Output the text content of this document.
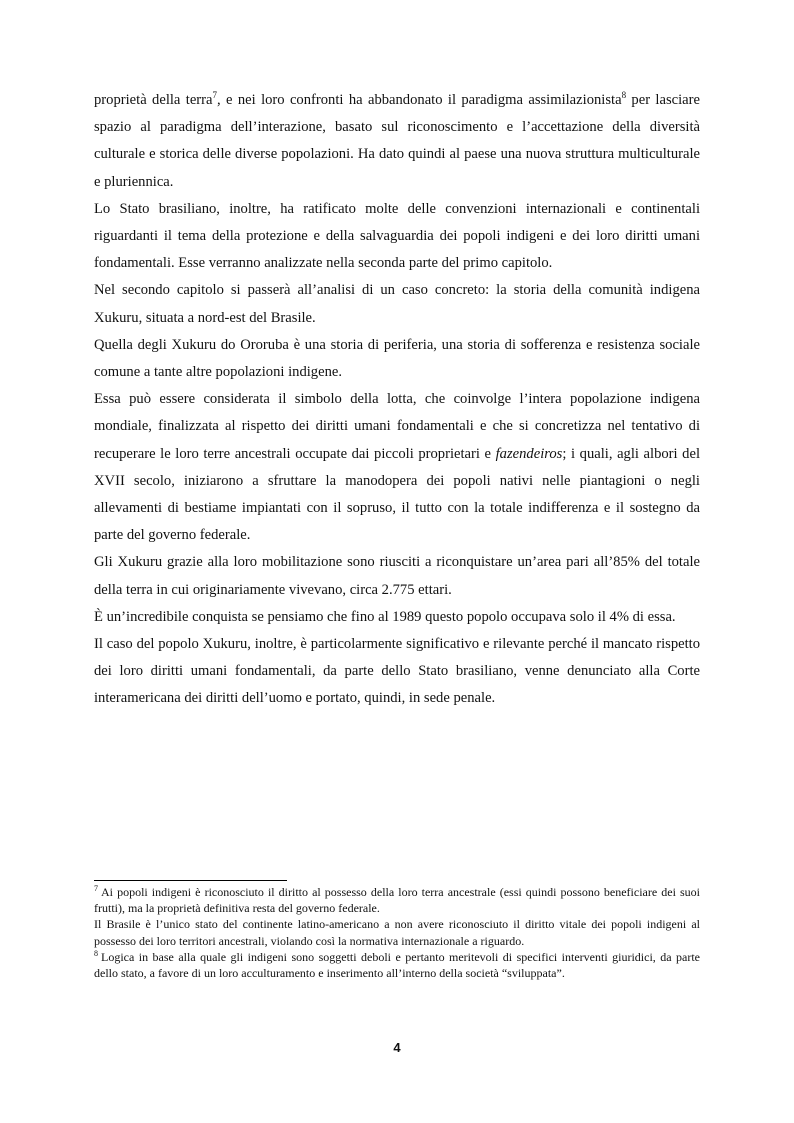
proprietà della terra$^7$, e nei loro confronti ha abbandonato il paradigma assimilazionista$^8$ per lasciare spazio al paradigma dell’interazione, basato sul riconoscimento e l’accettazione della diversità culturale e storica delle diverse popolazioni. Ha dato quindi al paese una nuova struttura multiculturale e pluriennica.

Lo Stato brasiliano, inoltre, ha ratificato molte delle convenzioni internazionali e continentali riguardanti il tema della protezione e della salvaguardia dei popoli indigeni e dei loro diritti umani fondamentali. Esse verranno analizzate nella seconda parte del primo capitolo.

Nel secondo capitolo si passerà all’analisi di un caso concreto: la storia della comunità indigena Xukuru, situata a nord-est del Brasile.

Quella degli Xukuru do Ororuba è una storia di periferia, una storia di sofferenza e resistenza sociale comune a tante altre popolazioni indigene.

Essa può essere considerata il simbolo della lotta, che coinvolge l’intera popolazione indigena mondiale, finalizzata al rispetto dei diritti umani fondamentali e che si concretizza nel tentativo di recuperare le loro terre ancestrali occupate dai piccoli proprietari e fazendeiros; i quali, agli albori del XVII secolo, iniziarono a sfruttare la manodopera dei popoli nativi nelle piantagioni o negli allevamenti di bestiame impiantati con il sopruso, il tutto con la totale indifferenza e il sostegno da parte del governo federale.

Gli Xukuru grazie alla loro mobilitazione sono riusciti a riconquistare un’area pari all’85% del totale della terra in cui originariamente vivevano, circa 2.775 ettari.

È un’incredibile conquista se pensiamo che fino al 1989 questo popolo occupava solo il 4% di essa.

Il caso del popolo Xukuru, inoltre, è particolarmente significativo e rilevante perché il mancato rispetto dei loro diritti umani fondamentali, da parte dello Stato brasiliano, venne denunciato alla Corte interamericana dei diritti dell’uomo e portato, quindi, in sede penale.

$^7$ Ai popoli indigeni è riconosciuto il diritto al possesso della loro terra ancestrale (essi quindi possono beneficiare dei suoi frutti), ma la proprietà definitiva resta del governo federale.

Il Brasile è l’unico stato del continente latino-americano a non avere riconosciuto il diritto vitale dei popoli indigeni al possesso dei loro territori ancestrali, violando così la normativa internazionale a riguardo.

$^8$ Logica in base alla quale gli indigeni sono soggetti deboli e pertanto meritevoli di specifici interventi giuridici, da parte dello stato, a favore di un loro acculturamento e inserimento all’interno della società “sviluppata”.

4
